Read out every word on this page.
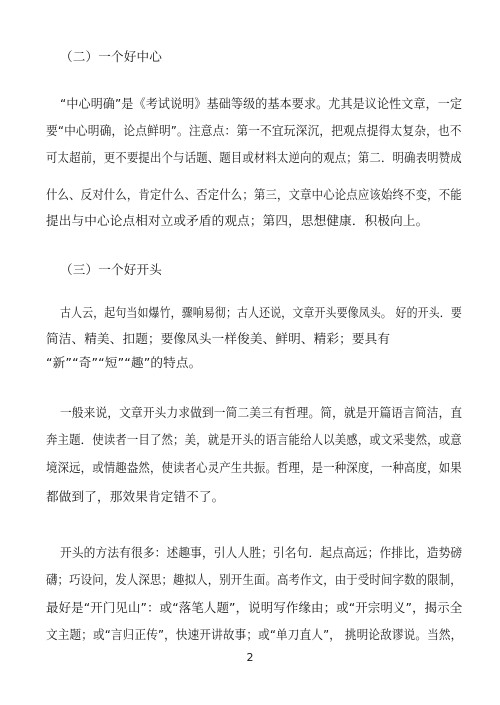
（二）一个好中心
“中心明确”是《考试说明》基础等级的基本要求。尤其是议论性文章，一定
要“中心明确，论点鲜明”。注意点：第一不宜玩深沉，把观点提得太复杂，也不
可太超前，更不要提出个与话题、题目或材料太逆向的观点；第二．明确表明赞成
什么、反对什么，肯定什么、否定什么；第三，文章中心论点应该始终不变，不能
提出与中心论点相对立或矛盾的观点；第四，思想健康．积极向上。
（三）一个好开头
古人云，起句当如爆竹，骤响易彻；古人还说，文章开头要像凤头。 好的开头．要
简洁、精美、扣题；要像凤头一样俊美、鲜明、精彩；要具有
“新”“奇”“短”“趣”的特点。
一般来说，文章开头力求做到一简二美三有哲理。简，就是开篇语言简洁，直
奔主题．使读者一目了然；美，就是开头的语言能给人以美感，或文采斐然，或意
境深远，或情趣盎然，使读者心灵产生共振。哲理，是一种深度，一种高度，如果
都做到了，那效果肯定错不了。
开头的方法有很多：述趣事，引人人胜；引名句．起点高远；作排比，造势磅
礴；巧设问，发人深思；趣拟人，别开生面。高考作文，由于受时间字数的限制，
最好是“开门见山”：或“落笔人题”，说明写作缘由；或“开宗明义”，揭示全
文主题；或“言归正传”，快速开讲故事；或“单刀直人”， 挑明论敌谬说。当然，
2
